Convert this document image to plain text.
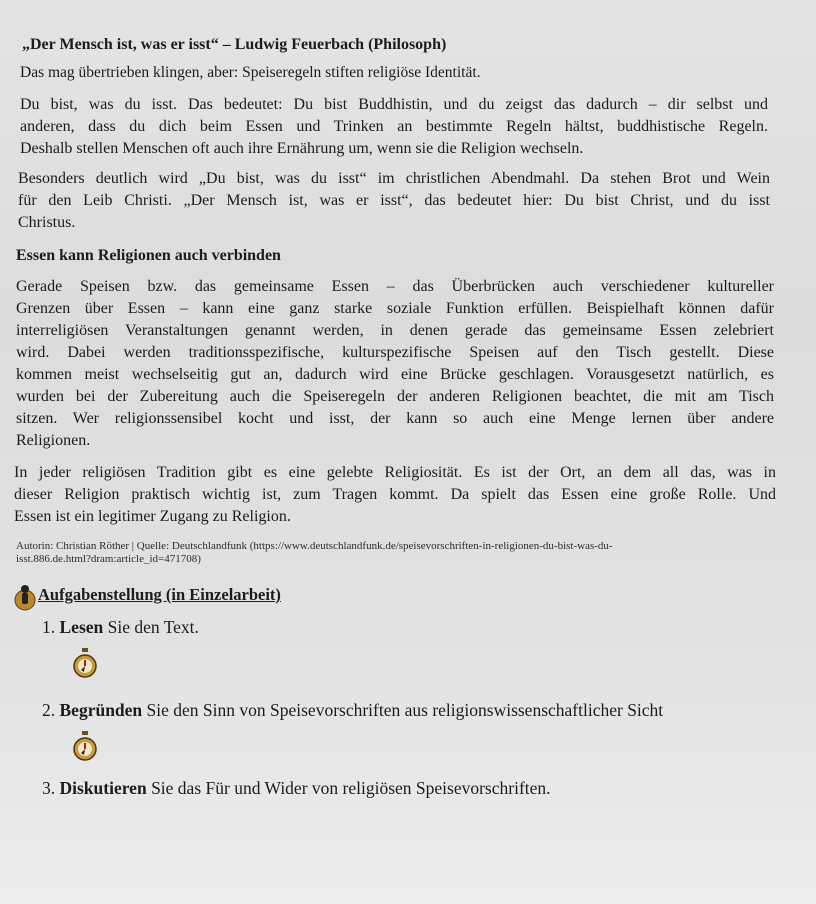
„Der Mensch ist, was er isst“ – Ludwig Feuerbach (Philosoph)
Das mag übertrieben klingen, aber: Speiseregeln stiften religiöse Identität.
Du bist, was du isst. Das bedeutet: Du bist Buddhistin, und du zeigst das dadurch – dir selbst und
anderen, dass du dich beim Essen und Trinken an bestimmte Regeln hältst, buddhistische Regeln.
Deshalb stellen Menschen oft auch ihre Ernährung um, wenn sie die Religion wechseln.
Besonders deutlich wird „Du bist, was du isst“ im christlichen Abendmahl. Da stehen Brot und Wein
für den Leib Christi. „Der Mensch ist, was er isst“, das bedeutet hier: Du bist Christ, und du isst
Christus.
Essen kann Religionen auch verbinden
Gerade Speisen bzw. das gemeinsame Essen – das Überbrücken auch verschiedener kultureller
Grenzen über Essen – kann eine ganz starke soziale Funktion erfüllen. Beispielhaft können dafür
interreligiösen Veranstaltungen genannt werden, in denen gerade das gemeinsame Essen zelebriert
wird. Dabei werden traditionsspezifische, kulturspezifische Speisen auf den Tisch gestellt. Diese
kommen meist wechselseitig gut an, dadurch wird eine Brücke geschlagen. Vorausgesetzt natürlich, es
wurden bei der Zubereitung auch die Speiseregeln der anderen Religionen beachtet, die mit am Tisch
sitzen. Wer religionssensibel kocht und isst, der kann so auch eine Menge lernen über andere
Religionen.
In jeder religiösen Tradition gibt es eine gelebte Religiosität. Es ist der Ort, an dem all das, was in
dieser Religion praktisch wichtig ist, zum Tragen kommt. Da spielt das Essen eine große Rolle. Und
Essen ist ein legitimer Zugang zu Religion.
Autorin: Christian Röther | Quelle: Deutschlandfunk (https://www.deutschlandfunk.de/speisevorschriften-in-religionen-du-bist-was-du-
isst.886.de.html?dram:article_id=471708)
Aufgabenstellung (in Einzelarbeit)
1. Lesen Sie den Text.
2. Begründen Sie den Sinn von Speisevorschriften aus religionswissenschaftlicher Sicht
3. Diskutieren Sie das Für und Wider von religiösen Speisevorschriften.
